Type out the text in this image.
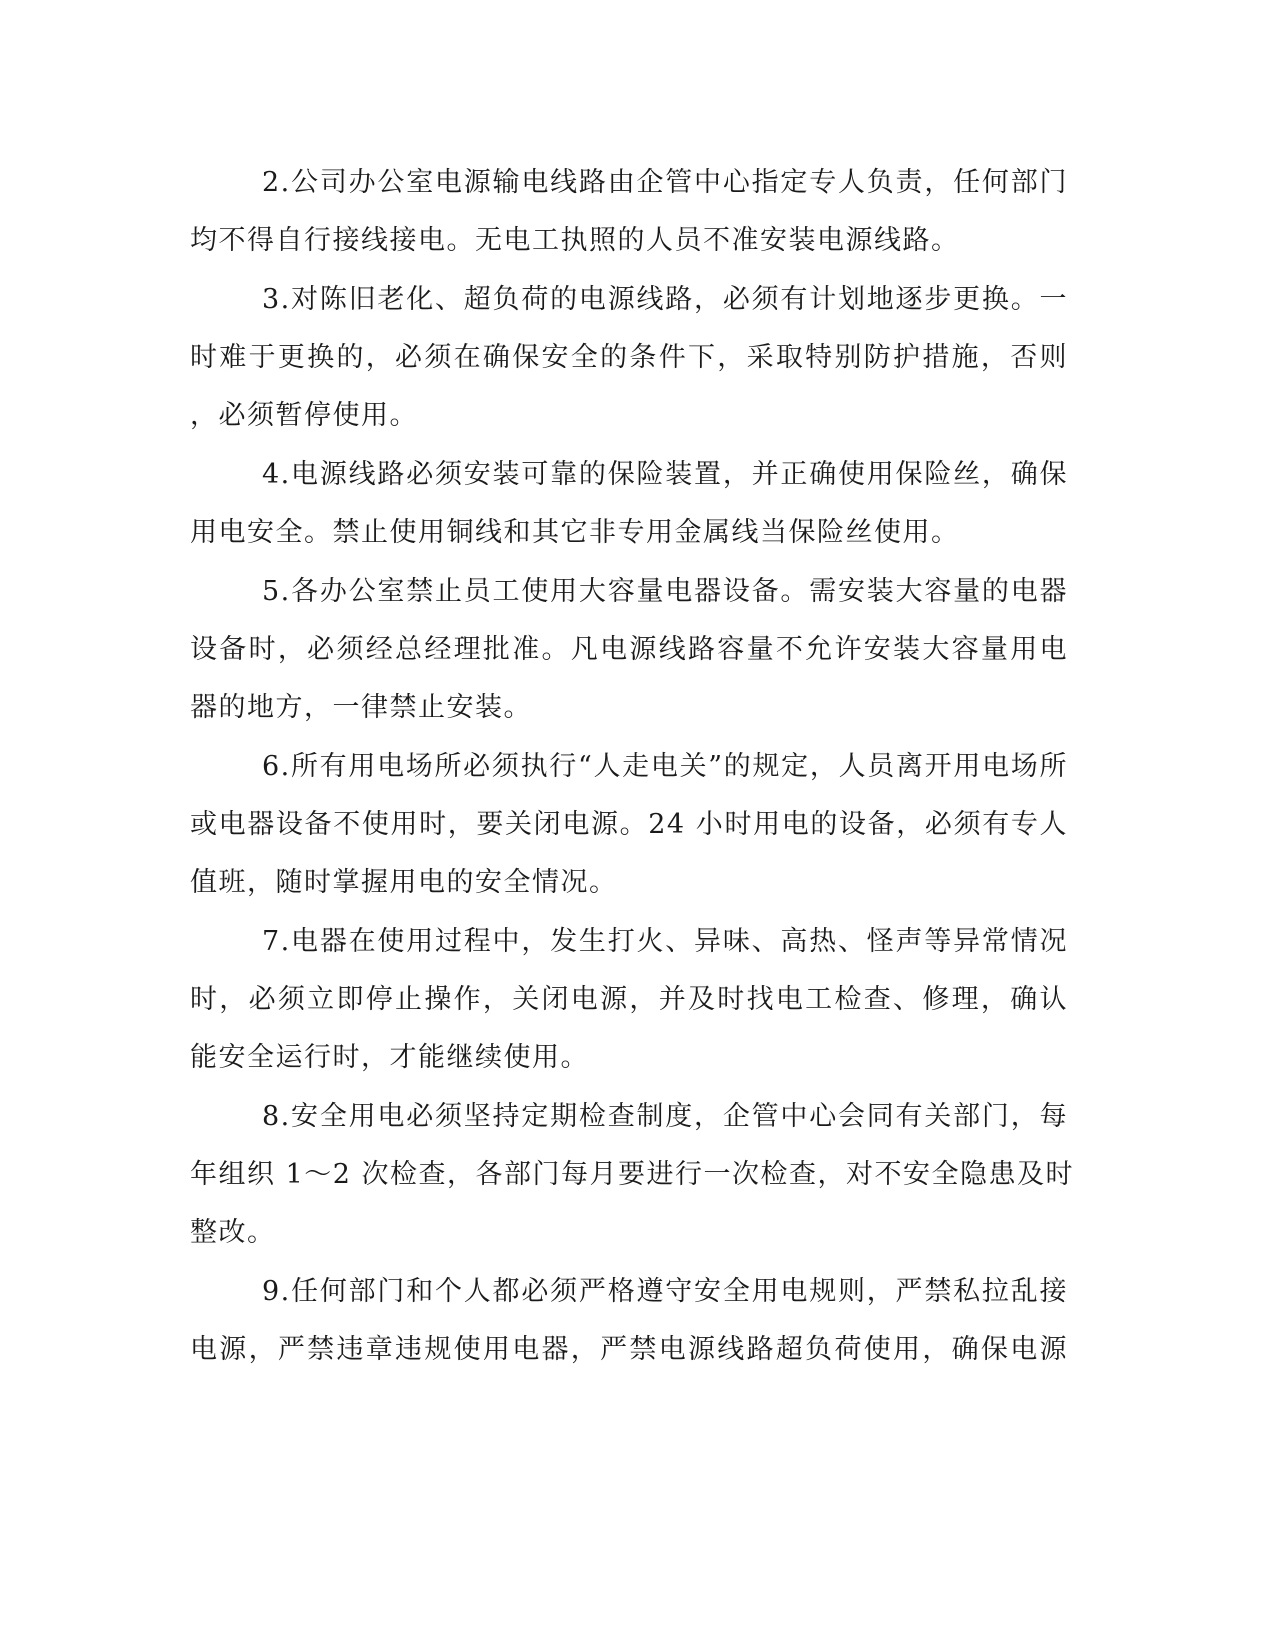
2.公司办公室电源输电线路由企管中心指定专人负责，任何部门
均不得自行接线接电。无电工执照的人员不准安装电源线路。
3.对陈旧老化、超负荷的电源线路，必须有计划地逐步更换。一
时难于更换的，必须在确保安全的条件下，采取特别防护措施，否则
，必须暂停使用。
4.电源线路必须安装可靠的保险装置，并正确使用保险丝，确保
用电安全。禁止使用铜线和其它非专用金属线当保险丝使用。
5.各办公室禁止员工使用大容量电器设备。需安装大容量的电器
设备时，必须经总经理批准。凡电源线路容量不允许安装大容量用电
器的地方，一律禁止安装。
6.所有用电场所必须执行“人走电关”的规定，人员离开用电场所
或电器设备不使用时，要关闭电源。24 小时用电的设备，必须有专人
值班，随时掌握用电的安全情况。
7.电器在使用过程中，发生打火、异味、高热、怪声等异常情况
时，必须立即停止操作，关闭电源，并及时找电工检查、修理，确认
能安全运行时，才能继续使用。
8.安全用电必须坚持定期检查制度，企管中心会同有关部门，每
年组织 1～2 次检查，各部门每月要进行一次检查，对不安全隐患及时
整改。
9.任何部门和个人都必须严格遵守安全用电规则，严禁私拉乱接
电源，严禁违章违规使用电器，严禁电源线路超负荷使用，确保电源
